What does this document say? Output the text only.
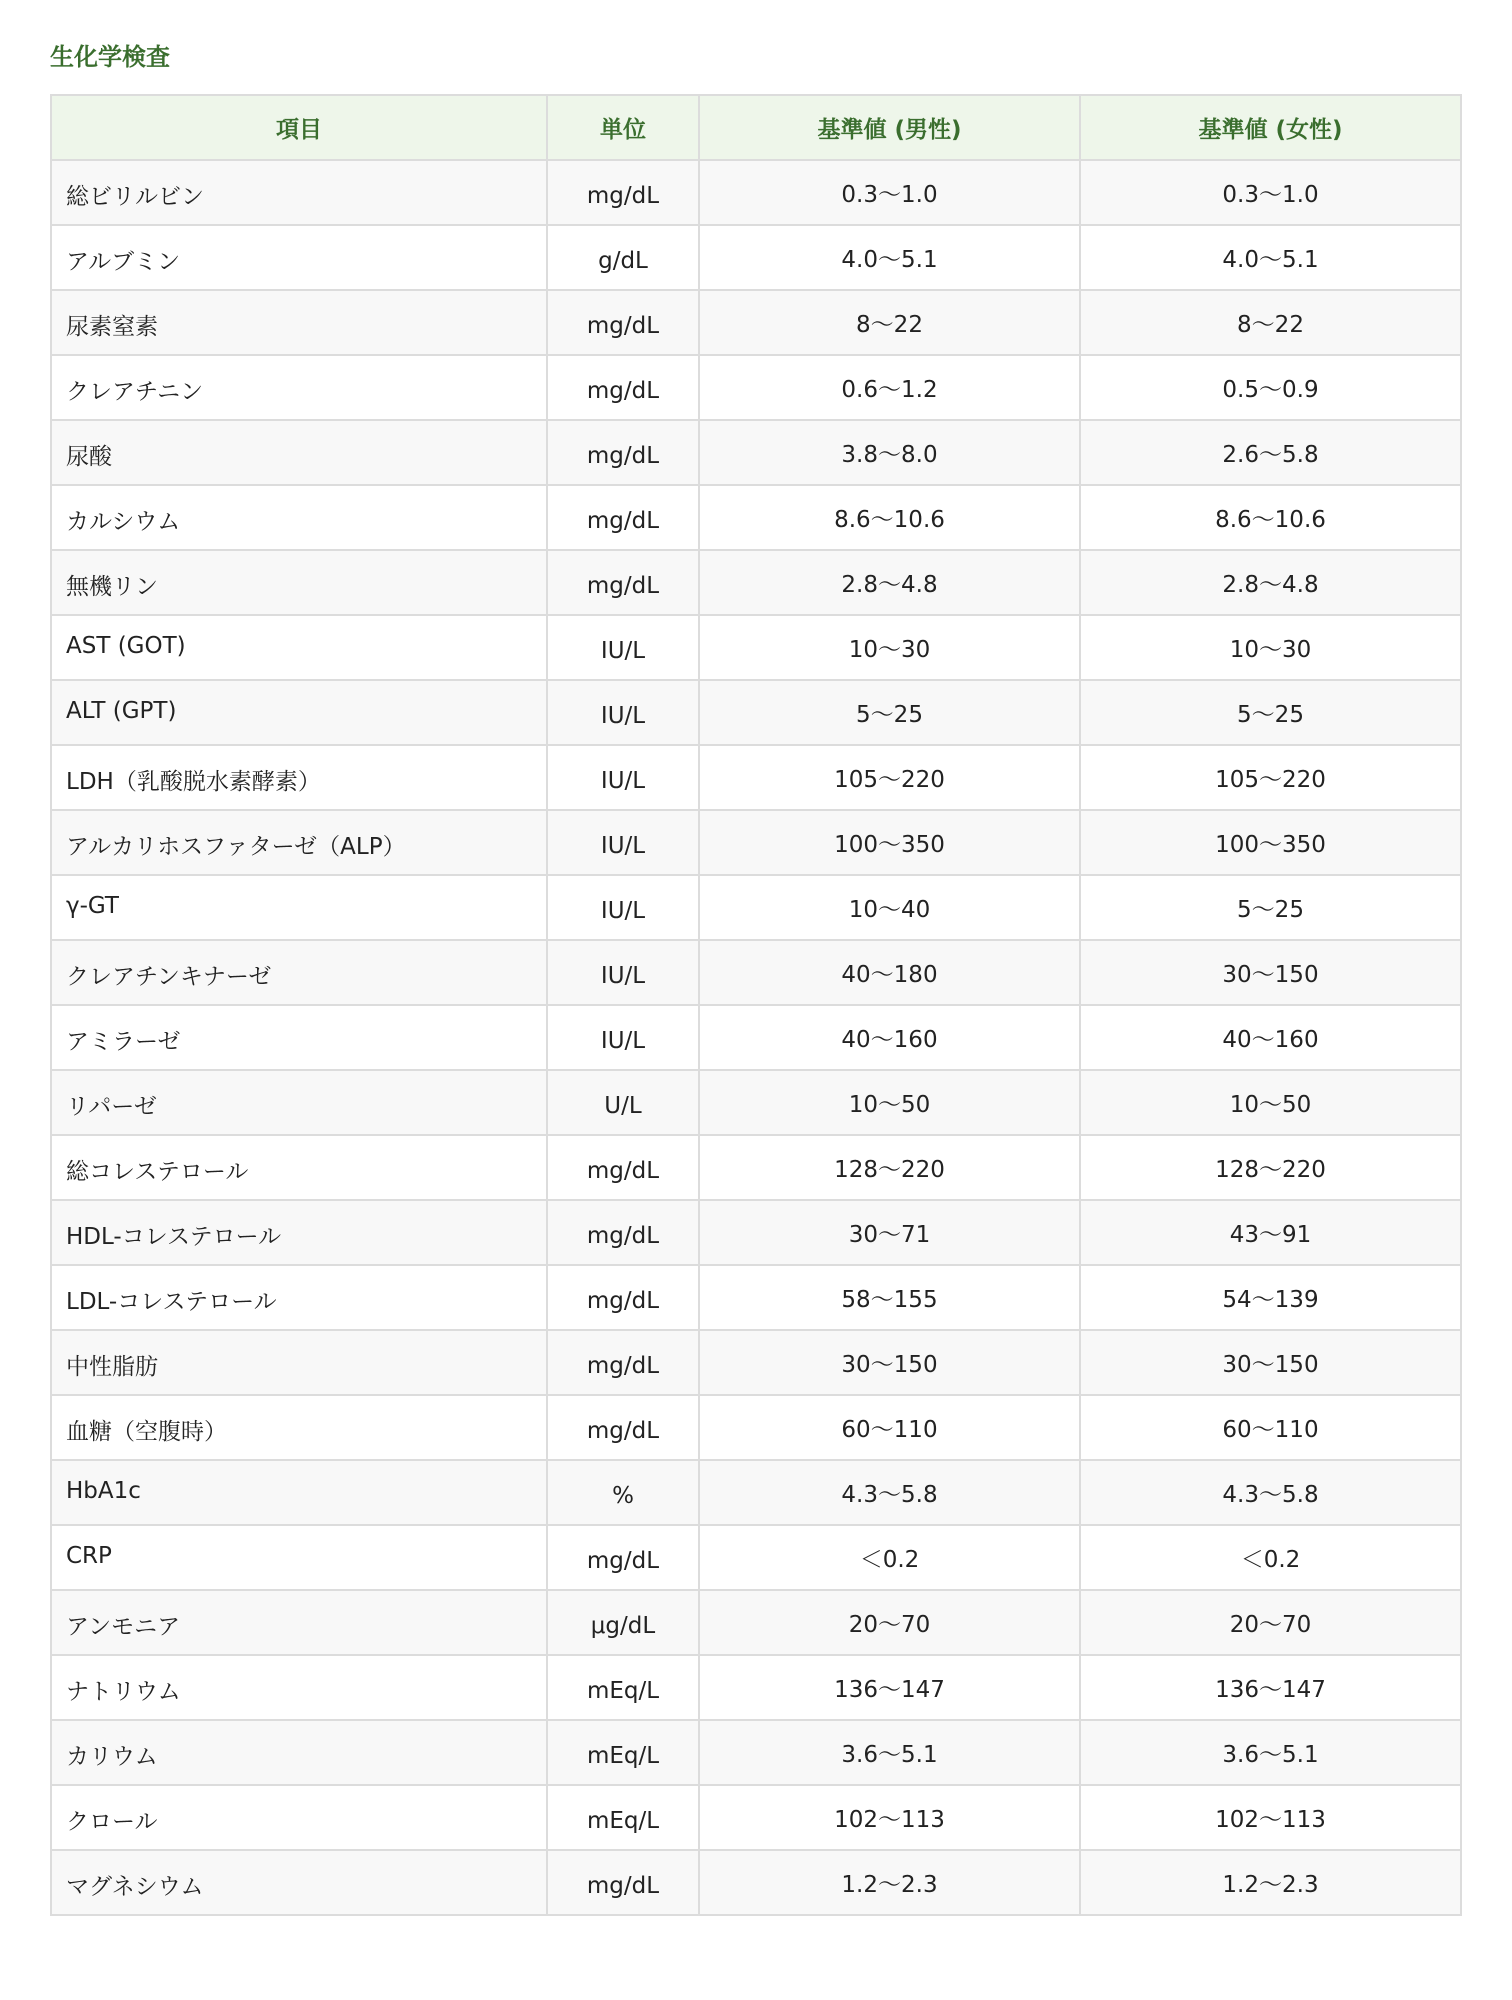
生化学検査
項目	単位	基準値 (男性)	基準値 (女性)
総ビリルビン	mg/dL	0.3〜1.0	0.3〜1.0
アルブミン	g/dL	4.0〜5.1	4.0〜5.1
尿素窒素	mg/dL	8〜22	8〜22
クレアチニン	mg/dL	0.6〜1.2	0.5〜0.9
尿酸	mg/dL	3.8〜8.0	2.6〜5.8
カルシウム	mg/dL	8.6〜10.6	8.6〜10.6
無機リン	mg/dL	2.8〜4.8	2.8〜4.8
AST (GOT)	IU/L	10〜30	10〜30
ALT (GPT)	IU/L	5〜25	5〜25
LDH（乳酸脱水素酵素）	IU/L	105〜220	105〜220
アルカリホスファターゼ（ALP）	IU/L	100〜350	100〜350
γ-GT	IU/L	10〜40	5〜25
クレアチンキナーゼ	IU/L	40〜180	30〜150
アミラーゼ	IU/L	40〜160	40〜160
リパーゼ	U/L	10〜50	10〜50
総コレステロール	mg/dL	128〜220	128〜220
HDL-コレステロール	mg/dL	30〜71	43〜91
LDL-コレステロール	mg/dL	58〜155	54〜139
中性脂肪	mg/dL	30〜150	30〜150
血糖（空腹時）	mg/dL	60〜110	60〜110
HbA1c	%	4.3〜5.8	4.3〜5.8
CRP	mg/dL	＜0.2	＜0.2
アンモニア	μg/dL	20〜70	20〜70
ナトリウム	mEq/L	136〜147	136〜147
カリウム	mEq/L	3.6〜5.1	3.6〜5.1
クロール	mEq/L	102〜113	102〜113
マグネシウム	mg/dL	1.2〜2.3	1.2〜2.3
